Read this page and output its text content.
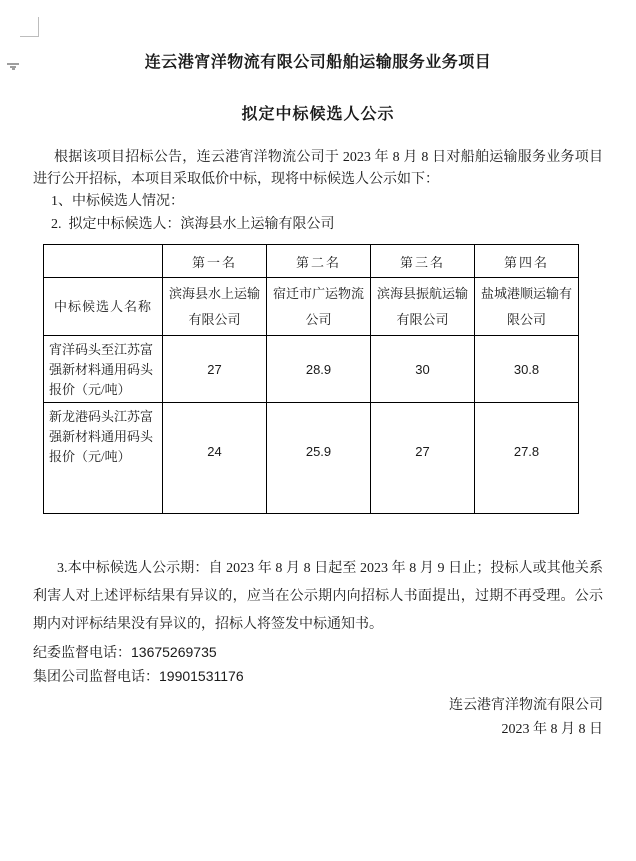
连云港宵洋物流有限公司船舶运输服务业务项目
拟定中标候选人公示
根据该项目招标公告，连云港宵洋物流公司于 2023 年 8 月 8 日对船舶运输服务业务项目进行公开招标，本项目采取低价中标，现将中标候选人公示如下：
1、中标候选人情况：
2.  拟定中标候选人：滨海县水上运输有限公司
	第一名	第二名	第三名	第四名
中标候选人名称	滨海县水上运输有限公司	宿迁市广运物流公司	滨海县振航运输有限公司	盐城港顺运输有限公司
宵洋码头至江苏富强新材料通用码头报价（元/吨）	27	28.9	30	30.8
新龙港码头江苏富强新材料通用码头报价（元/吨）	24	25.9	27	27.8
3.本中标候选人公示期：自 2023 年 8 月 8 日起至 2023 年 8 月 9 日止；投标人或其他关系利害人对上述评标结果有异议的，应当在公示期内向招标人书面提出，过期不再受理。公示期内对评标结果没有异议的，招标人将签发中标通知书。
纪委监督电话：13675269735
集团公司监督电话：19901531176
连云港宵洋物流有限公司
2023 年 8 月 8 日
